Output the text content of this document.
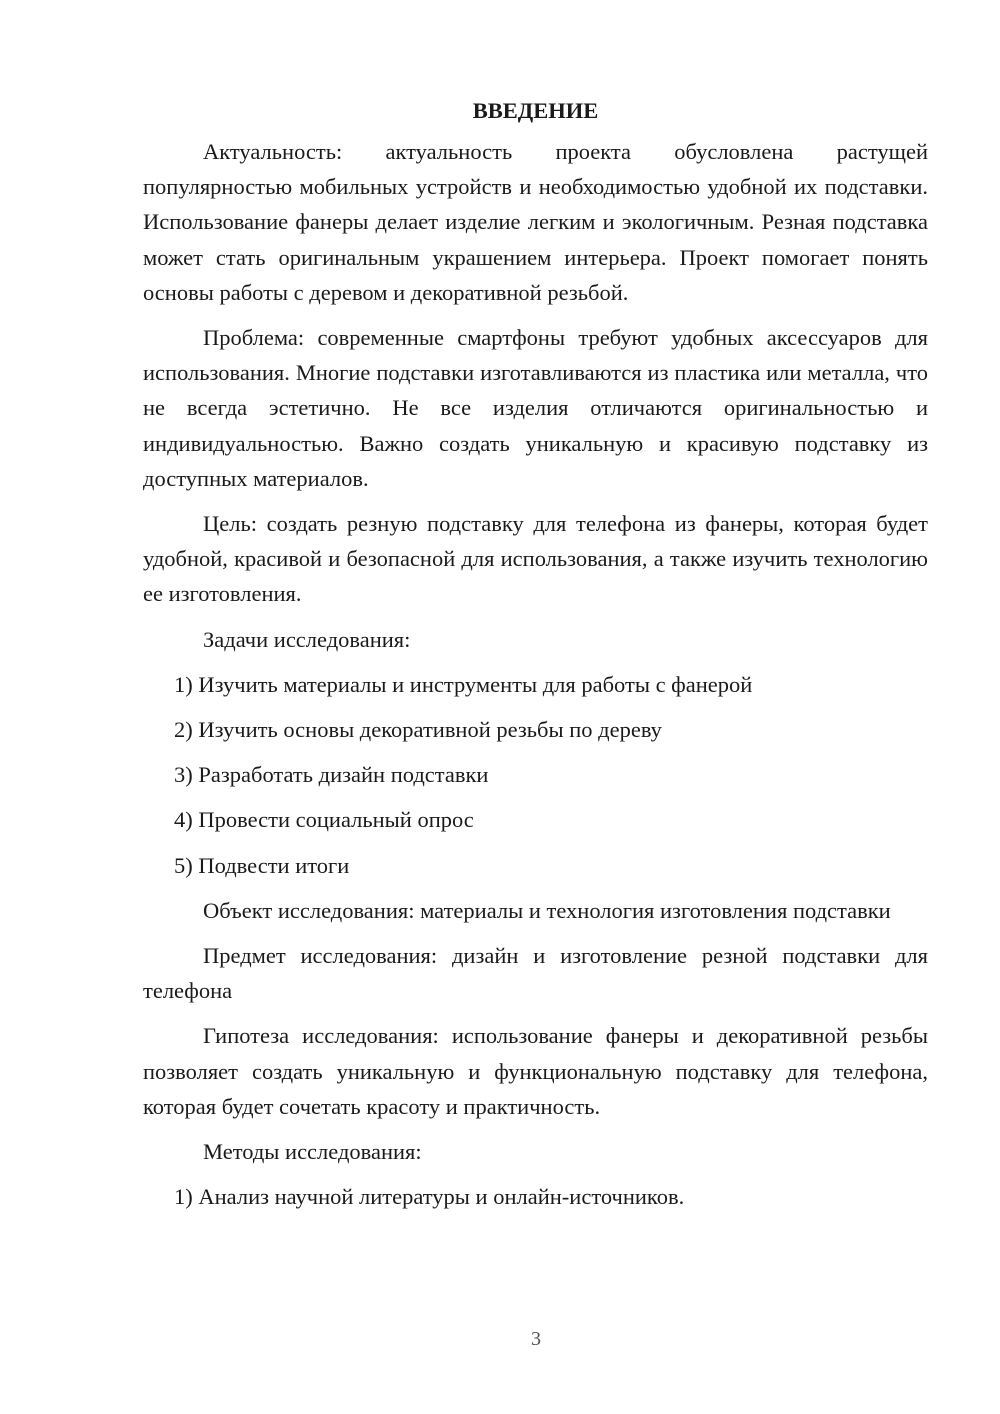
ВВЕДЕНИЕ

Актуальность: актуальность проекта обусловлена растущей популярностью мобильных устройств и необходимостью удобной их подставки. Использование фанеры делает изделие легким и экологичным. Резная подставка может стать оригинальным украшением интерьера. Проект помогает понять основы работы с деревом и декоративной резьбой.

Проблема: современные смартфоны требуют удобных аксессуаров для использования. Многие подставки изготавливаются из пластика или металла, что не всегда эстетично. Не все изделия отличаются оригинальностью и индивидуальностью. Важно создать уникальную и красивую подставку из доступных материалов.

Цель: создать резную подставку для телефона из фанеры, которая будет удобной, красивой и безопасной для использования, а также изучить технологию ее изготовления.

Задачи исследования:

1) Изучить материалы и инструменты для работы с фанерой

2) Изучить основы декоративной резьбы по дереву

3) Разработать дизайн подставки

4) Провести социальный опрос

5) Подвести итоги

Объект исследования: материалы и технология изготовления подставки

Предмет исследования: дизайн и изготовление резной подставки для телефона

Гипотеза исследования: использование фанеры и декоративной резьбы позволяет создать уникальную и функциональную подставку для телефона, которая будет сочетать красоту и практичность.

Методы исследования:

1) Анализ научной литературы и онлайн-источников.

3
